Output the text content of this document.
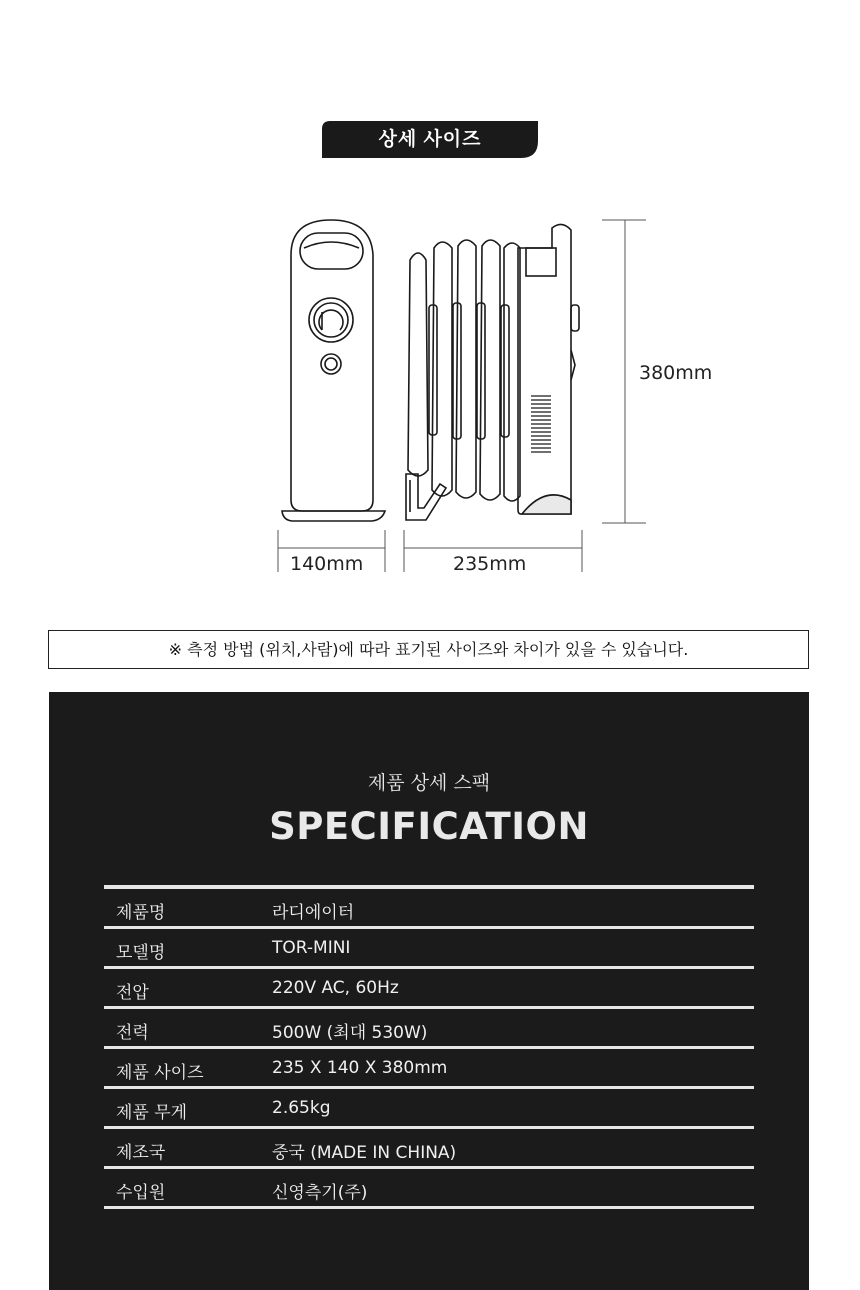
상세 사이즈
380mm
140mm	235mm
※ 측정 방법 (위치,사람)에 따라 표기된 사이즈와 차이가 있을 수 있습니다.
제품 상세 스팩
SPECIFICATION
제품명	라디에이터
모델명	TOR-MINI
전압	220V AC, 60Hz
전력	500W (최대 530W)
제품 사이즈	235 X 140 X 380mm
제품 무게	2.65kg
제조국	중국 (MADE IN CHINA)
수입원	신영측기(주)
